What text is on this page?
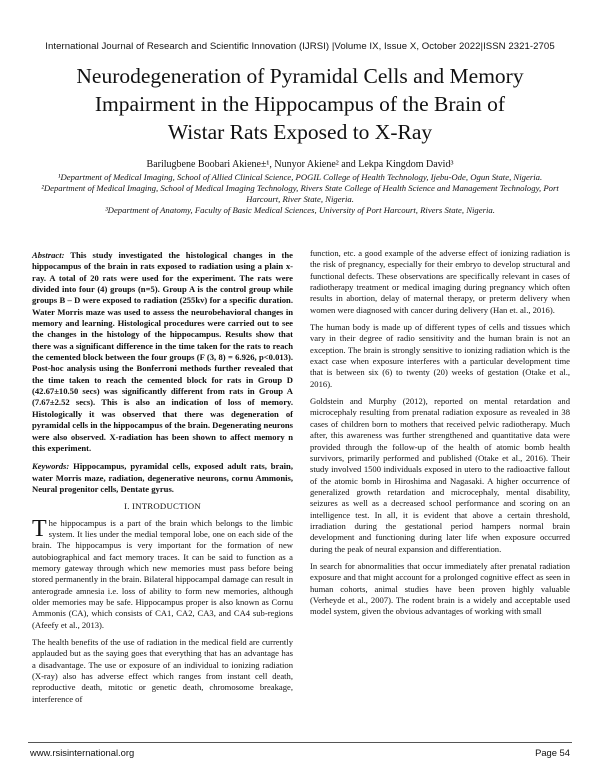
International Journal of Research and Scientific Innovation (IJRSI) |Volume IX, Issue X, October 2022|ISSN 2321-2705
Neurodegeneration of Pyramidal Cells and Memory
Impairment in the Hippocampus of the Brain of
Wistar Rats Exposed to X-Ray
Barilugbene Boobari Akiene±¹, Nunyor Akiene² and Lekpa Kingdom David³
¹Department of Medical Imaging, School of Allied Clinical Science, POGIL College of Health Technology, Ijebu-Ode, Ogun State, Nigeria.
²Department of Medical Imaging, School of Medical Imaging Technology, Rivers State College of Health Science and Management Technology, Port Harcourt, River State, Nigeria.
³Department of Anatomy, Faculty of Basic Medical Sciences, University of Port Harcourt, Rivers State, Nigeria.

Abstract: This study investigated the histological changes in the hippocampus of the brain in rats exposed to radiation using a plain x-ray. A total of 20 rats were used for the experiment. The rats were divided into four (4) groups (n=5). Group A is the control group while groups B – D were exposed to radiation (255kv) for a specific duration. Water Morris maze was used to assess the neurobehavioral changes in memory and learning. Histological procedures were carried out to see the changes in the histology of the hippocampus. Results show that there was a significant difference in the time taken for the rats to reach the cemented block between the four groups (F (3, 8) = 6.926, p<0.013). Post-hoc analysis using the Bonferroni methods further revealed that the time taken to reach the cemented block for rats in Group D (42.67±10.50 secs) was significantly different from rats in Group A (7.67±2.52 secs). This is also an indication of loss of memory. Histologically it was observed that there was degeneration of pyramidal cells in the hippocampus of the brain. Degenerating neurons were also observed. X-radiation has been shown to affect memory n this experiment.

Keywords: Hippocampus, pyramidal cells, exposed adult rats, brain, water Morris maze, radiation, degenerative neurons, cornu Ammonis, Neural progenitor cells, Dentate gyrus.

I. INTRODUCTION

The hippocampus is a part of the brain which belongs to the limbic system. It lies under the medial temporal lobe, one on each side of the brain. The hippocampus is very important for the formation of new autobiographical and fact memory traces. It can be said to function as a memory gateway through which new memories must pass before being stored permanently in the brain. Bilateral hippocampal damage can result in anterograde amnesia i.e. loss of ability to form new memories, although older memories may be safe. Hippocampus proper is also known as Cornu Ammonis (CA), which consists of CA1, CA2, CA3, and CA4 sub-regions (Afeefy et al., 2013).

The health benefits of the use of radiation in the medical field are currently applauded but as the saying goes that everything that has an advantage has a disadvantage. The use or exposure of an individual to ionizing radiation (X-ray) also has adverse effect which ranges from instant cell death, reproductive death, mitotic or genetic death, chromosome breakage, interference of

function, etc. a good example of the adverse effect of ionizing radiation is the risk of pregnancy, especially for their embryo to develop structural and functional defects. These observations are specifically relevant in cases of radiotherapy treatment or medical imaging during pregnancy which often results in abortion, delay of maternal therapy, or preterm delivery when women were diagnosed with cancer during delivery (Han et. al., 2016).

The human body is made up of different types of cells and tissues which vary in their degree of radio sensitivity and the human brain is not an exception. The brain is strongly sensitive to ionizing radiation which is the exact case when exposure interferes with a particular development time that is between six (6) to twenty (20) weeks of gestation (Otake et al., 2016).

Goldstein and Murphy (2012), reported on mental retardation and microcephaly resulting from prenatal radiation exposure as revealed in 38 cases of children born to mothers that received pelvic radiotherapy. Much after, this awareness was further strengthened and quantitative data were provided through the follow-up of the health of atomic bomb health survivors, primarily performed and published (Otake et al., 2016). Their study involved 1500 individuals exposed in utero to the radioactive fallout of the atomic bomb in Hiroshima and Nagasaki. A higher occurrence of generalized growth retardation and microcephaly, mental disability, seizures as well as a decreased school performance and scoring on an intelligence test. In all, it is evident that above a certain threshold, irradiation during the gestational period hampers normal brain development and functioning during later life when exposure occurred during the peak of neural expansion and differentiation.

In search for abnormalities that occur immediately after prenatal radiation exposure and that might account for a prolonged cognitive effect as seen in human cohorts, animal studies have been proven highly valuable (Verheyde et al., 2007). The rodent brain is a widely and acceptable used model system, given the obvious advantages of working with small

www.rsisinternational.org	Page 54
